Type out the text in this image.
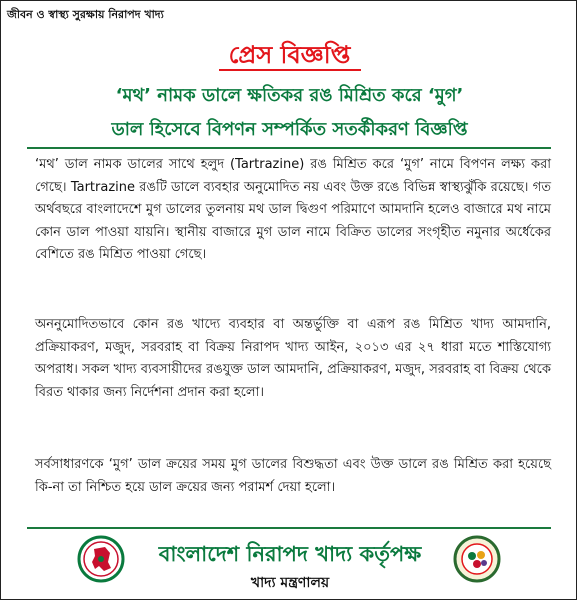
জীবন ও স্বাস্থ্য সুরক্ষায় নিরাপদ খাদ্য
প্রেস বিজ্ঞপ্তি
‘মথ’ নামক ডালে ক্ষতিকর রঙ মিশ্রিত করে ‘মুগ’
ডাল হিসেবে বিপণন সম্পর্কিত সতর্কীকরণ বিজ্ঞপ্তি
‘মথ’ ডাল নামক ডালের সাথে হলুদ (Tartrazine) রঙ মিশ্রিত করে ‘মুগ’ নামে বিপণন লক্ষ্য করা গেছে। Tartrazine রঙটি ডালে ব্যবহার অনুমোদিত নয় এবং উক্ত রঙে বিভিন্ন স্বাস্থ্যঝুঁকি রয়েছে। গত অর্থবছরে বাংলাদেশে মুগ ডালের তুলনায় মথ ডাল দ্বিগুণ পরিমাণে আমদানি হলেও বাজারে মথ নামে কোন ডাল পাওয়া যায়নি। স্থানীয় বাজারে মুগ ডাল নামে বিক্রিত ডালের সংগৃহীত নমুনার অর্ধেকের বেশিতে রঙ মিশ্রিত পাওয়া গেছে।
অননুমোদিতভাবে কোন রঙ খাদ্যে ব্যবহার বা অন্তর্ভুক্তি বা এরূপ রঙ মিশ্রিত খাদ্য আমদানি, প্রক্রিয়াকরণ, মজুদ, সরবরাহ বা বিক্রয় নিরাপদ খাদ্য আইন, ২০১৩ এর ২৭ ধারা মতে শাস্তিযোগ্য অপরাধ। সকল খাদ্য ব্যবসায়ীদের রঙযুক্ত ডাল আমদানি, প্রক্রিয়াকরণ, মজুদ, সরবরাহ বা বিক্রয় থেকে বিরত থাকার জন্য নির্দেশনা প্রদান করা হলো।
সর্বসাধারণকে ‘মুগ’ ডাল ক্রয়ের সময় মুগ ডালের বিশুদ্ধতা এবং উক্ত ডালে রঙ মিশ্রিত করা হয়েছে কি-না তা নিশ্চিত হয়ে ডাল ক্রয়ের জন্য পরামর্শ দেয়া হলো।
বাংলাদেশ নিরাপদ খাদ্য কর্তৃপক্ষ
খাদ্য মন্ত্রণালয়
